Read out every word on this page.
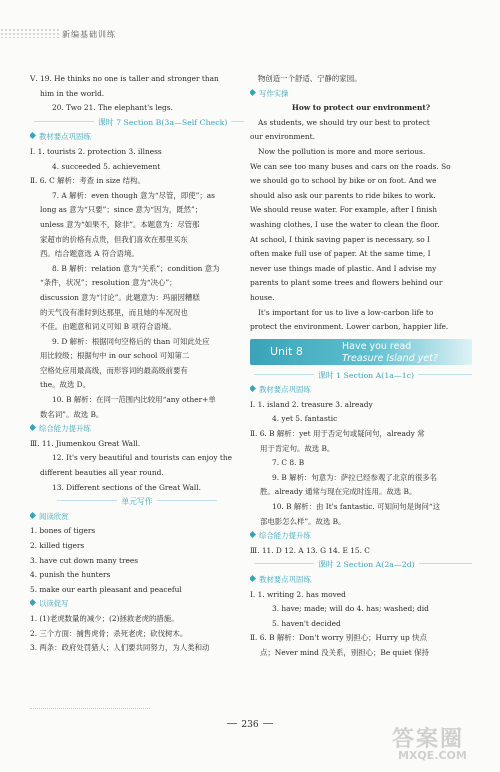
新编基础训练
Ⅴ. 19. He thinks no one is taller and stronger than
him in the world.
20. Two 21. The elephant's legs.
课时 7 Section B(3a—Self Check)
教材要点巩固练
Ⅰ. 1. tourists 2. protection 3. illness
4. succeeded 5. achievement
Ⅱ. 6. C 解析：考查 in size 结构。
7. A 解析：even though 意为“尽管，即使”；as
long as 意为“只要”；since 意为“因为，既然”；
unless 意为“如果不，除非”。本题意为：尽管那
家超市的价格有点贵，但我们喜欢在那里买东
西。结合题意选 A 符合语境。
8. B 解析：relation 意为“关系”；condition 意为
“条件，状况”；resolution 意为“决心”；
discussion 意为“讨论”。此题意为：玛丽因糟糕
的天气没有准时到达那里，而且她的车况况也
不佳。由题意和词义可知 B 项符合语境。
9. D 解析：根据同句空格后的 than 可知此处应
用比较级；根据句中 in our school 可知第二
空格处应用最高级，而形容词的最高级前要有
the。故选 D。
10. B 解析：在同一范围内比较用“any other+单
数名词”。故选 B。
综合能力提升练
Ⅲ. 11. Jiumenkou Great Wall.
12. It's very beautiful and tourists can enjoy the
different beauties all year round.
13. Different sections of the Great Wall.
单元写作
阅读欣赏
1. bones of tigers
2. killed tigers
3. have cut down many trees
4. punish the hunters
5. make our earth pleasant and peaceful
以读促写
1. (1)老虎数量的减少；(2)拯救老虎的措施。
2. 三个方面：捕售虎骨；杀死老虎；砍伐树木。
3. 两条：政府处罚猎人；人们要共同努力，为人类和动
物创造一个舒适、宁静的家园。
写作实操
How to protect our environment?
As students, we should try our best to protect
our environment.
Now the pollution is more and more serious.
We can see too many buses and cars on the roads. So
we should go to school by bike or on foot. And we
should also ask our parents to ride bikes to work.
We should reuse water. For example, after I finish
washing clothes, I use the water to clean the floor.
At school, I think saving paper is necessary, so I
often make full use of paper. At the same time, I
never use things made of plastic. And I advise my
parents to plant some trees and flowers behind our
house.
It's important for us to live a low-carbon life to
protect the environment. Lower carbon, happier life.
Unit 8	Have you read
Treasure Island yet?
课时 1 Section A(1a—1c)
教材要点巩固练
Ⅰ. 1. island 2. treasure 3. already
4. yet 5. fantastic
Ⅱ. 6. B 解析：yet 用于否定句或疑问句，already 常
用于肯定句。故选 B。
7. C 8. B
9. B 解析：句意为：萨拉已经参观了北京的很多名
胜。already 通常与现在完成时连用。故选 B。
10. B 解析：由 It's fantastic. 可知问句是询问“这
部电影怎么样”。故选 B。
综合能力提升练
Ⅲ. 11. D 12. A 13. G 14. E 15. C
课时 2 Section A(2a—2d)
教材要点巩固练
Ⅰ. 1. writing 2. has moved
3. have; made; will do 4. has; washed; did
5. haven't decided
Ⅱ. 6. B 解析：Don't worry 别担心；Hurry up 快点
点；Never mind 没关系，别担心；Be quiet 保持
236
答案圈
MXQE.COM
